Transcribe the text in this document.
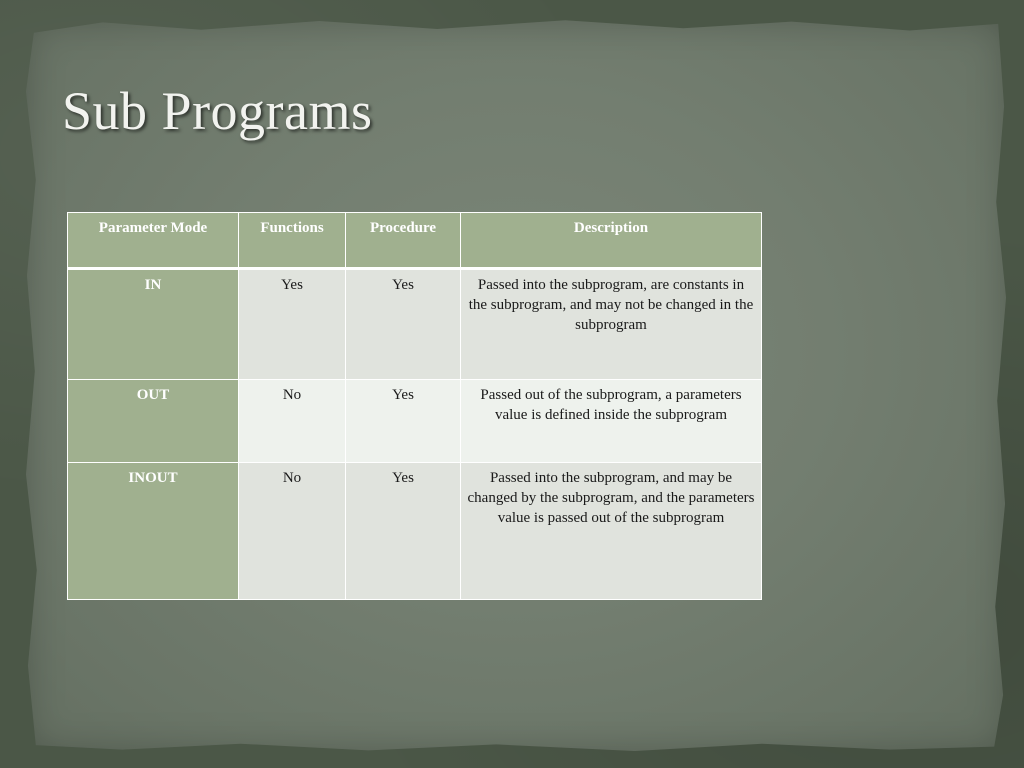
Sub Programs
Parameter Mode	Functions	Procedure	Description
IN	Yes	Yes	Passed into the subprogram, are constants in the subprogram, and may not be changed in the subprogram
OUT	No	Yes	Passed out of the subprogram, a parameters value is defined inside the subprogram
INOUT	No	Yes	Passed into the subprogram, and may be changed by the subprogram, and the parameters value is passed out of the subprogram
